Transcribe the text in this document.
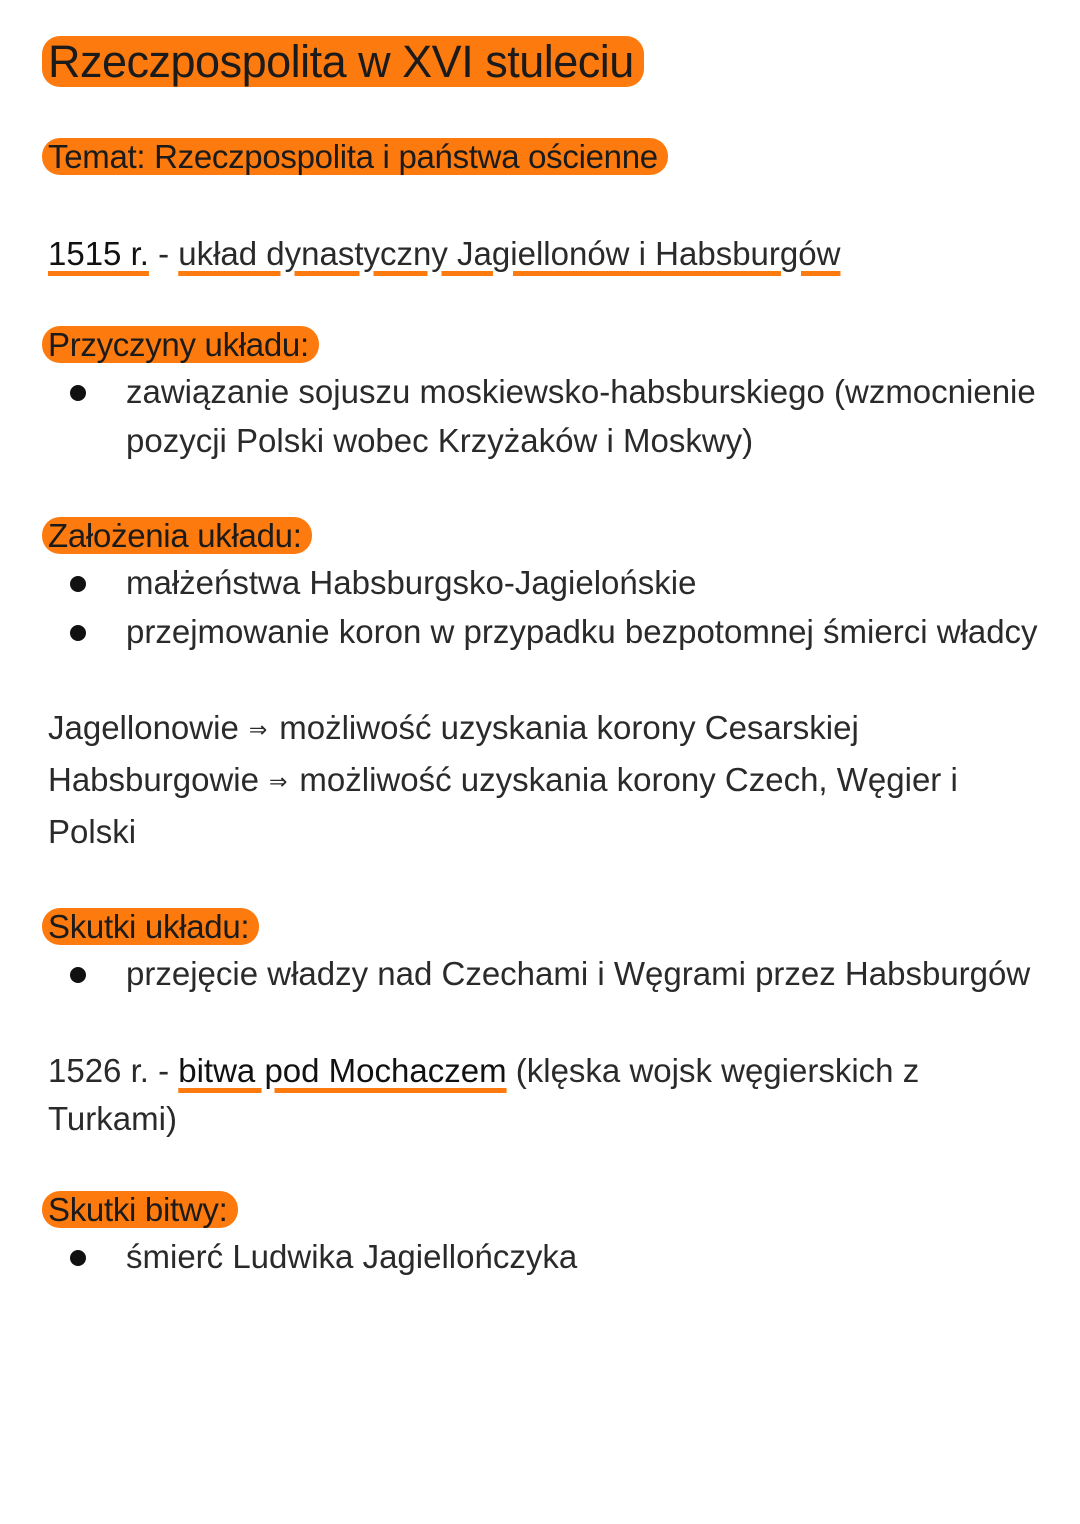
Rzeczpospolita w XVI stuleciu
Temat: Rzeczpospolita i państwa ościenne
1515 r. - układ dynastyczny Jagiellonów i Habsburgów
Przyczyny układu:
zawiązanie sojuszu moskiewsko-habsburskiego (wzmocnienie pozycji Polski wobec Krzyżaków i Moskwy)
Założenia układu:
małżeństwa Habsburgsko-Jagielońskie
przejmowanie koron w przypadku bezpotomnej śmierci władcy
Jagellonowie ⇒ możliwość uzyskania korony Cesarskiej
Habsburgowie ⇒ możliwość uzyskania korony Czech, Węgier i Polski
Skutki układu:
przejęcie władzy nad Czechami i Węgrami przez Habsburgów
1526 r. - bitwa pod Mochaczem (klęska wojsk węgierskich z Turkami)
Skutki bitwy:
śmierć Ludwika Jagiellończyka
